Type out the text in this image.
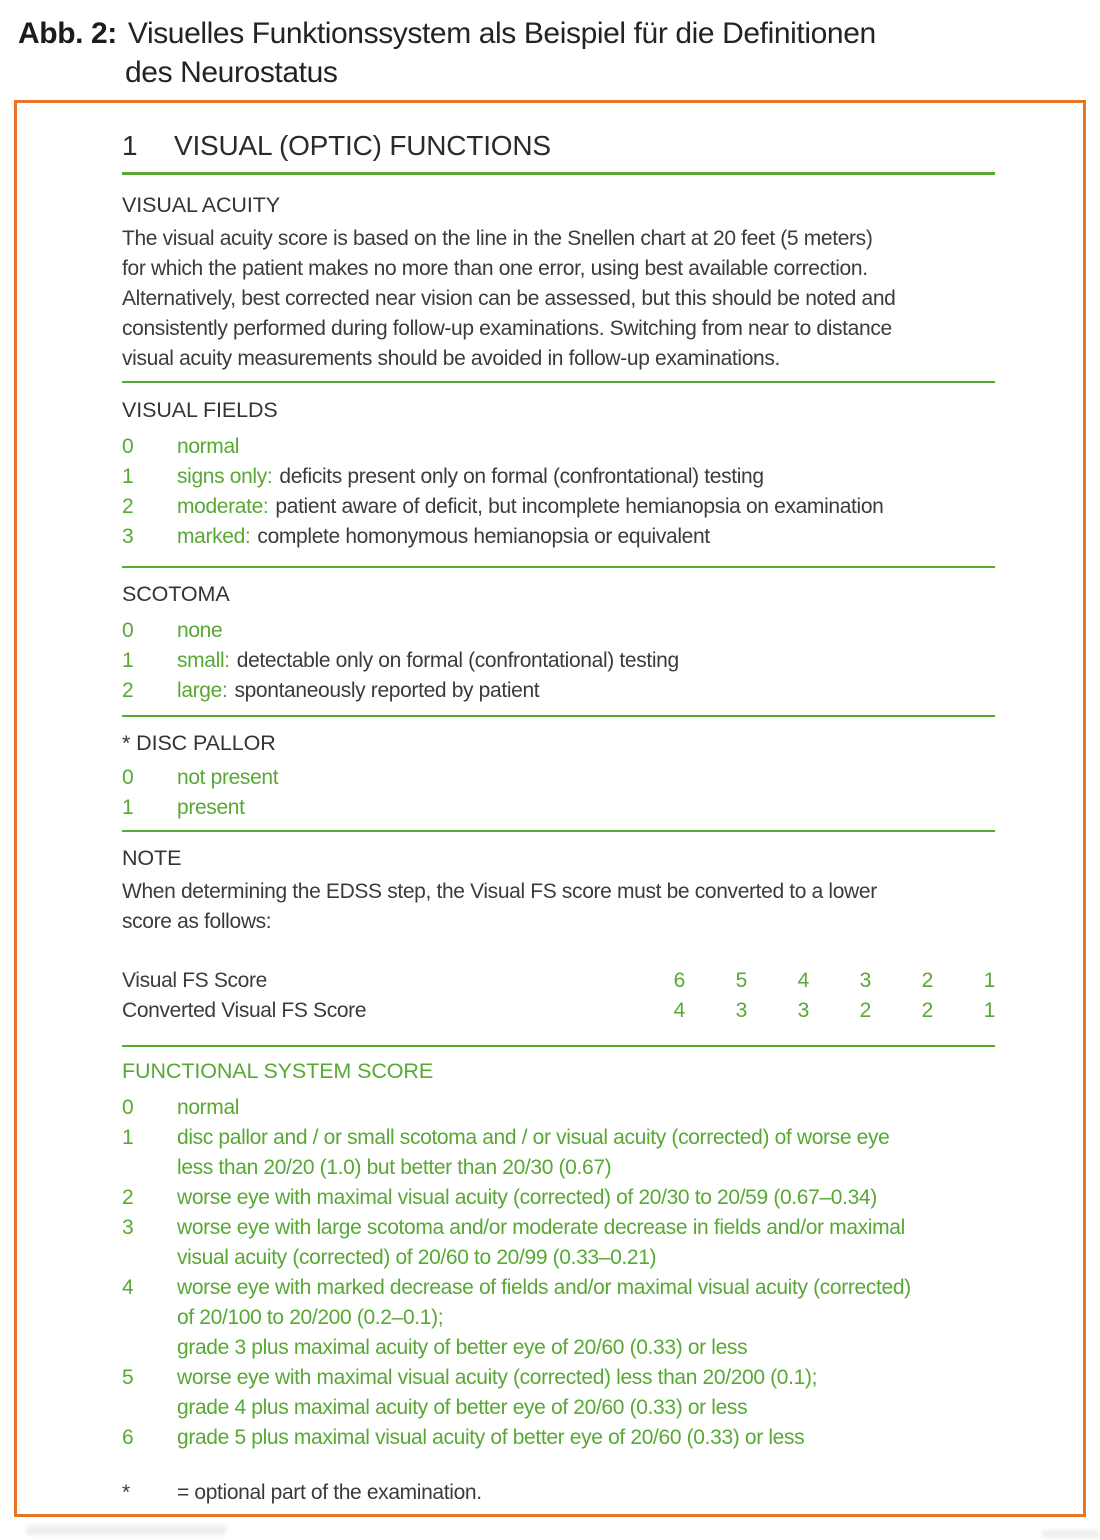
Abb. 2: Visuelles Funktionssystem als Beispiel für die Definitionen
des Neurostatus
1 VISUAL (OPTIC) FUNCTIONS
VISUAL ACUITY
The visual acuity score is based on the line in the Snellen chart at 20 feet (5 meters)
for which the patient makes no more than one error, using best available correction.
Alternatively, best corrected near vision can be assessed, but this should be noted and
consistently performed during follow-up examinations. Switching from near to distance
visual acuity measurements should be avoided in follow-up examinations.
VISUAL FIELDS
0	normal
1	signs only: deficits present only on formal (confrontational) testing
2	moderate: patient aware of deficit, but incomplete hemianopsia on examination
3	marked: complete homonymous hemianopsia or equivalent
SCOTOMA
0	none
1	small: detectable only on formal (confrontational) testing
2	large: spontaneously reported by patient
* DISC PALLOR
0	not present
1	present
NOTE
When determining the EDSS step, the Visual FS score must be converted to a lower
score as follows:
Visual FS Score	6	5	4	3	2	1
Converted Visual FS Score	4	3	3	2	2	1
FUNCTIONAL SYSTEM SCORE
0	normal
1	disc pallor and / or small scotoma and / or visual acuity (corrected) of worse eye
less than 20/20 (1.0) but better than 20/30 (0.67)
2	worse eye with maximal visual acuity (corrected) of 20/30 to 20/59 (0.67–0.34)
3	worse eye with large scotoma and/or moderate decrease in fields and/or maximal
visual acuity (corrected) of 20/60 to 20/99 (0.33–0.21)
4	worse eye with marked decrease of fields and/or maximal visual acuity (corrected)
of 20/100 to 20/200 (0.2–0.1);
grade 3 plus maximal acuity of better eye of 20/60 (0.33) or less
5	worse eye with maximal visual acuity (corrected) less than 20/200 (0.1);
grade 4 plus maximal acuity of better eye of 20/60 (0.33) or less
6	grade 5 plus maximal visual acuity of better eye of 20/60 (0.33) or less
*	= optional part of the examination.
